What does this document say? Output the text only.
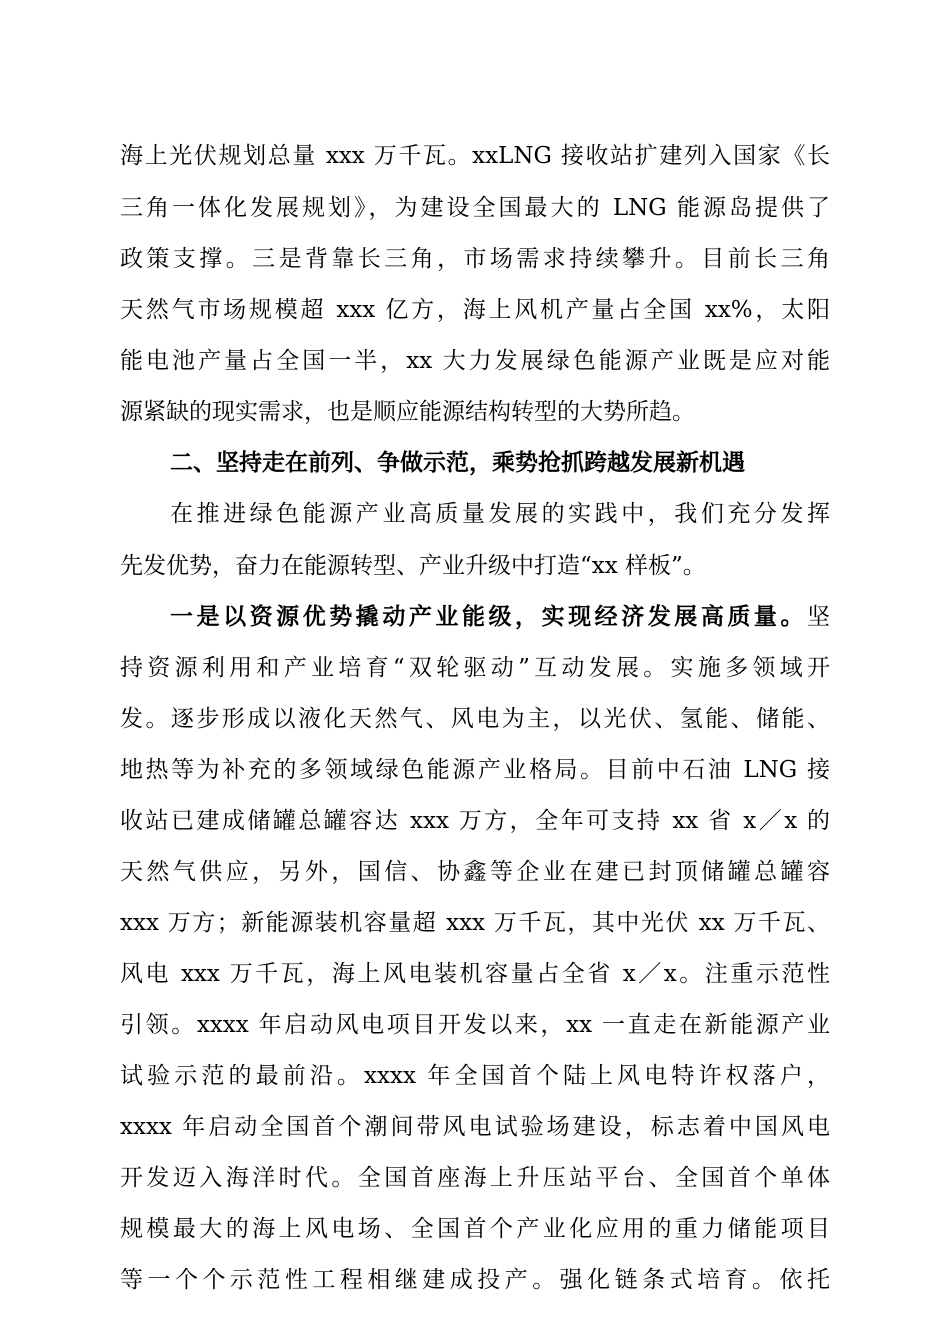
海上光伏规划总量 xxx 万千瓦。xxLNG 接收站扩建列入国家《长
三角一体化发展规划》，为建设全国最大的 LNG 能源岛提供了
政策支撑。三是背靠长三角，市场需求持续攀升。目前长三角
天然气市场规模超 xxx 亿方，海上风机产量占全国 xx%，太阳
能电池产量占全国一半，xx 大力发展绿色能源产业既是应对能
源紧缺的现实需求，也是顺应能源结构转型的大势所趋。
二、坚持走在前列、争做示范，乘势抢抓跨越发展新机遇
在推进绿色能源产业高质量发展的实践中，我们充分发挥
先发优势，奋力在能源转型、产业升级中打造“xx 样板”。
一是以资源优势撬动产业能级，实现经济发展高质量。坚
持资源利用和产业培育“双轮驱动”互动发展。实施多领域开
发。逐步形成以液化天然气、风电为主，以光伏、氢能、储能、
地热等为补充的多领域绿色能源产业格局。目前中石油 LNG 接
收站已建成储罐总罐容达 xxx 万方，全年可支持 xx 省 x／x 的
天然气供应，另外，国信、协鑫等企业在建已封顶储罐总罐容
xxx 万方；新能源装机容量超 xxx 万千瓦，其中光伏 xx 万千瓦、
风电 xxx 万千瓦，海上风电装机容量占全省 x／x。注重示范性
引领。xxxx 年启动风电项目开发以来，xx 一直走在新能源产业
试验示范的最前沿。xxxx 年全国首个陆上风电特许权落户，
xxxx 年启动全国首个潮间带风电试验场建设，标志着中国风电
开发迈入海洋时代。全国首座海上升压站平台、全国首个单体
规模最大的海上风电场、全国首个产业化应用的重力储能项目
等一个个示范性工程相继建成投产。强化链条式培育。依托
